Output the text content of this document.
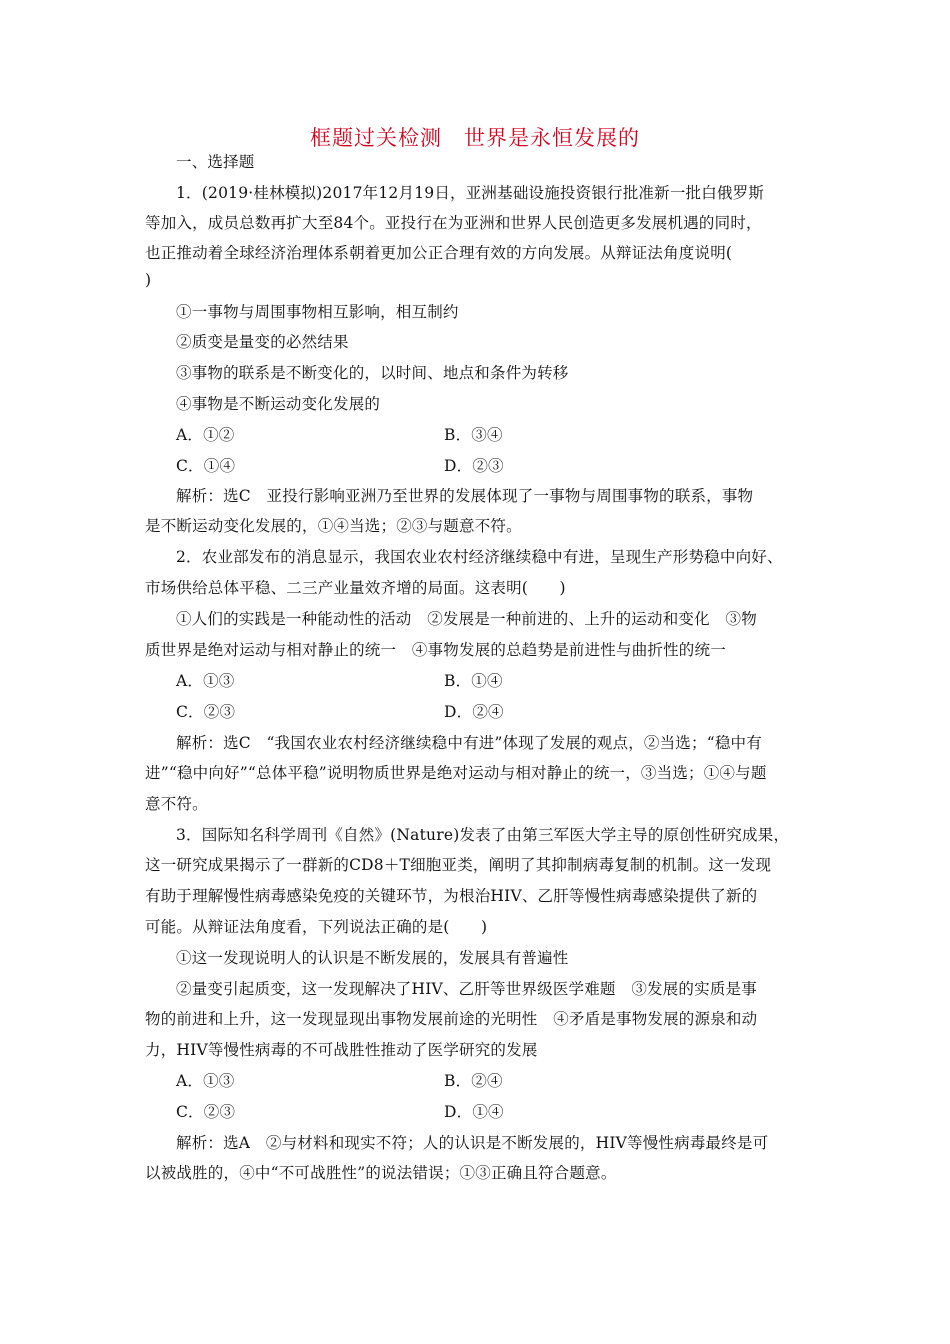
框题过关检测　世界是永恒发展的
一、选择题
1．(2019·桂林模拟)2017年12月19日，亚洲基础设施投资银行批准新一批白俄罗斯
等加入，成员总数再扩大至84个。亚投行在为亚洲和世界人民创造更多发展机遇的同时，
也正推动着全球经济治理体系朝着更加公正合理有效的方向发展。从辩证法角度说明(
)
①一事物与周围事物相互影响，相互制约
②质变是量变的必然结果
③事物的联系是不断变化的，以时间、地点和条件为转移
④事物是不断运动变化发展的
A．①②	B．③④
C．①④	D．②③
解析：选C　亚投行影响亚洲乃至世界的发展体现了一事物与周围事物的联系，事物
是不断运动变化发展的，①④当选；②③与题意不符。
2．农业部发布的消息显示，我国农业农村经济继续稳中有进，呈现生产形势稳中向好、
市场供给总体平稳、二三产业量效齐增的局面。这表明(　　)
①人们的实践是一种能动性的活动　②发展是一种前进的、上升的运动和变化　③物
质世界是绝对运动与相对静止的统一　④事物发展的总趋势是前进性与曲折性的统一
A．①③	B．①④
C．②③	D．②④
解析：选C　“我国农业农村经济继续稳中有进”体现了发展的观点，②当选；“稳中有
进”“稳中向好”“总体平稳”说明物质世界是绝对运动与相对静止的统一，③当选；①④与题
意不符。
3．国际知名科学周刊《自然》(Nature)发表了由第三军医大学主导的原创性研究成果，
这一研究成果揭示了一群新的CD8＋T细胞亚类，阐明了其抑制病毒复制的机制。这一发现
有助于理解慢性病毒感染免疫的关键环节，为根治HIV、乙肝等慢性病毒感染提供了新的
可能。从辩证法角度看，下列说法正确的是(　　)
①这一发现说明人的认识是不断发展的，发展具有普遍性
②量变引起质变，这一发现解决了HIV、乙肝等世界级医学难题　③发展的实质是事
物的前进和上升，这一发现显现出事物发展前途的光明性　④矛盾是事物发展的源泉和动
力，HIV等慢性病毒的不可战胜性推动了医学研究的发展
A．①③	B．②④
C．②③	D．①④
解析：选A　②与材料和现实不符；人的认识是不断发展的，HIV等慢性病毒最终是可
以被战胜的，④中“不可战胜性”的说法错误；①③正确且符合题意。
